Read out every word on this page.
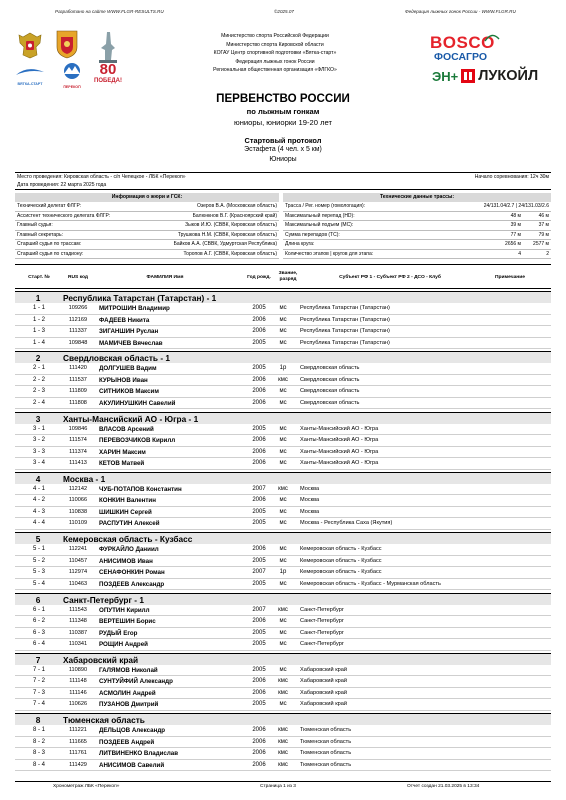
Разработано на сайте WWW.FLGR-RESULTS.RU	©2025.07	Федерация лыжных гонок России - WWW.FLGR.RU
ВЯТКА-СТАРТ
ПЕРЕКОП
80
ПОБЕДА!
BOSCO
ФОСАГРО
ЭН+ ЛУКОЙЛ
Министерство спорта Российской Федерации
Министерство спорта Кировской области
КОГАУ Центр спортивной подготовки «Вятка-старт»
Федерация лыжных гонок России
Региональная общественная организация «ФЛГКО»
ПЕРВЕНСТВО РОССИИ
по лыжным гонкам
юниоры, юниорки 19-20 лет
Стартовый протокол
Эстафета (4 чел. x 5 км)
Юниоры
Место проведения: Кировская область - с/п Чепецкое - ЛБК «Перекоп»	Начало соревнования: 12ч 30м
Дата проведения: 22 марта 2025 года
Информация о жюри и ГСК:
Технический делегат ФЛГР:	Озеров В.А. (Московская область)
Ассистент технического делегата ФЛГР:	Балюнкнов В.Г. (Красноярский край)
Главный судья:	Зыков И.Ю. (СВВК, Кировская область)
Главный секретарь:	Трушкова Н.М. (СВВК, Кировская область)
Старший судья по трассам:	Байков А.А. (СВВК, Удмуртская Республика)
Старший судья по стадиону:	Торопов А.Г. (СВВК, Кировская область)
Технические данные трассы:
Трасса / Рег. номер (гомологация):	24/131.04/2.7 | 24/131.03/2.6
Максимальный перепад (HD):	48 м	46 м
Максимальный подъем (MC):	39 м	37 м
Сумма перепадов (TC):	77 м	79 м
Длина круга:	2656 м 2577 м
Количество этапов | кругов для этапа:	4	2
Старт. №	RUS код	ФАМИЛИЯ Имя	Год рожд.
Звание, разряд	Субъект РФ 1 - Субъект РФ 2 - ДСО - Клуб	Примечание
1	Республика Татарстан (Татарстан) - 1
1 - 1	109266	МИТРОШИН Владимир	2005	мс	Республика Татарстан (Татарстан)
1 - 2	112169	ФАДЕЕВ Никита	2006	мс	Республика Татарстан (Татарстан)
1 - 3	111337	ЗИГАНШИН Руслан	2006	мс	Республика Татарстан (Татарстан)
1 - 4	109848	МАМИЧЕВ Вячеслав	2005	мс	Республика Татарстан (Татарстан)
2	Свердловская область - 1
2 - 1	111420	ДОЛГУШЕВ Вадим	2005	1р	Свердловская область
2 - 2	111537	КУРЫНОВ Иван	2006	кмс	Свердловская область
2 - 3	111809	СИТНИКОВ Максим	2006	мс	Свердловская область
2 - 4	111808	АКУЛИНУШКИН Савелий	2006	мс	Свердловская область
3	Ханты-Мансийский АО - Югра - 1
3 - 1	109846	ВЛАСОВ Арсений	2005	мс	Ханты-Мансийский АО - Югра
3 - 2	111574	ПЕРЕВОЗЧИКОВ Кирилл	2006	мс	Ханты-Мансийский АО - Югра
3 - 3	111374	ХАРИН Максим	2006	мс	Ханты-Мансийский АО - Югра
3 - 4	111413	КЕТОВ Матвей	2006	мс	Ханты-Мансийский АО - Югра
4	Москва - 1
4 - 1	112142	ЧУБ-ПОТАПОВ Константин	2007	кмс	Москва
4 - 2	110066	КОНКИН Валентин	2006	мс	Москва
4 - 3	110838	ШИШКИН Сергей	2005	мс	Москва
4 - 4	110109	РАСПУТИН Алексей	2005	мс	Москва - Республика Саха (Якутия)
5	Кемеровская область - Кузбасс
5 - 1	112241	ФУРКАЙЛО Даниил	2006	мс	Кемеровская область - Кузбасс
5 - 2	110457	АНИСИМОВ Иван	2005	мс	Кемеровская область - Кузбасс
5 - 3	112974	СЕНАФОНКИН Роман	2007	1р	Кемеровская область - Кузбасс
5 - 4	110463	ПОЗДЕЕВ Александр	2005	мс	Кемеровская область - Кузбасс - Мурманская область
6	Санкт-Петербург - 1
6 - 1	111543	ОПУТИН Кирилл	2007	кмс	Санкт-Петербург
6 - 2	111348	ВЕРТЕШИН Борис	2006	мс	Санкт-Петербург
6 - 3	110387	РУДЫЙ Егор	2005	мс	Санкт-Петербург
6 - 4	110341	РОЩИН Андрей	2005	мс	Санкт-Петербург
7	Хабаровский край
7 - 1	110890	ГАЛЯМОВ Николай	2005	мс	Хабаровский край
7 - 2	111148	СУНТУЙФИЙ Александр	2006	кмс	Хабаровский край
7 - 3	111146	АСМОЛИН Андрей	2006	кмс	Хабаровский край
7 - 4	110626	ПУЗАНОВ Дмитрий	2005	мс	Хабаровский край
8	Тюменская область
8 - 1	111221	ДЕЛЬЦОВ Александр	2006	кмс	Тюменская область
8 - 2	111665	ПОЗДЕЕВ Андрей	2006	кмс	Тюменская область
8 - 3	111761	ЛИТВИНЕНКО Владислав	2006	кмс	Тюменская область
8 - 4	111429	АНИСИМОВ Савелий	2006	кмс	Тюменская область
Хронометраж ЛБК «Перекоп»	Страница 1 из 3	Отчет создан 21.03.2025 в 13:34
